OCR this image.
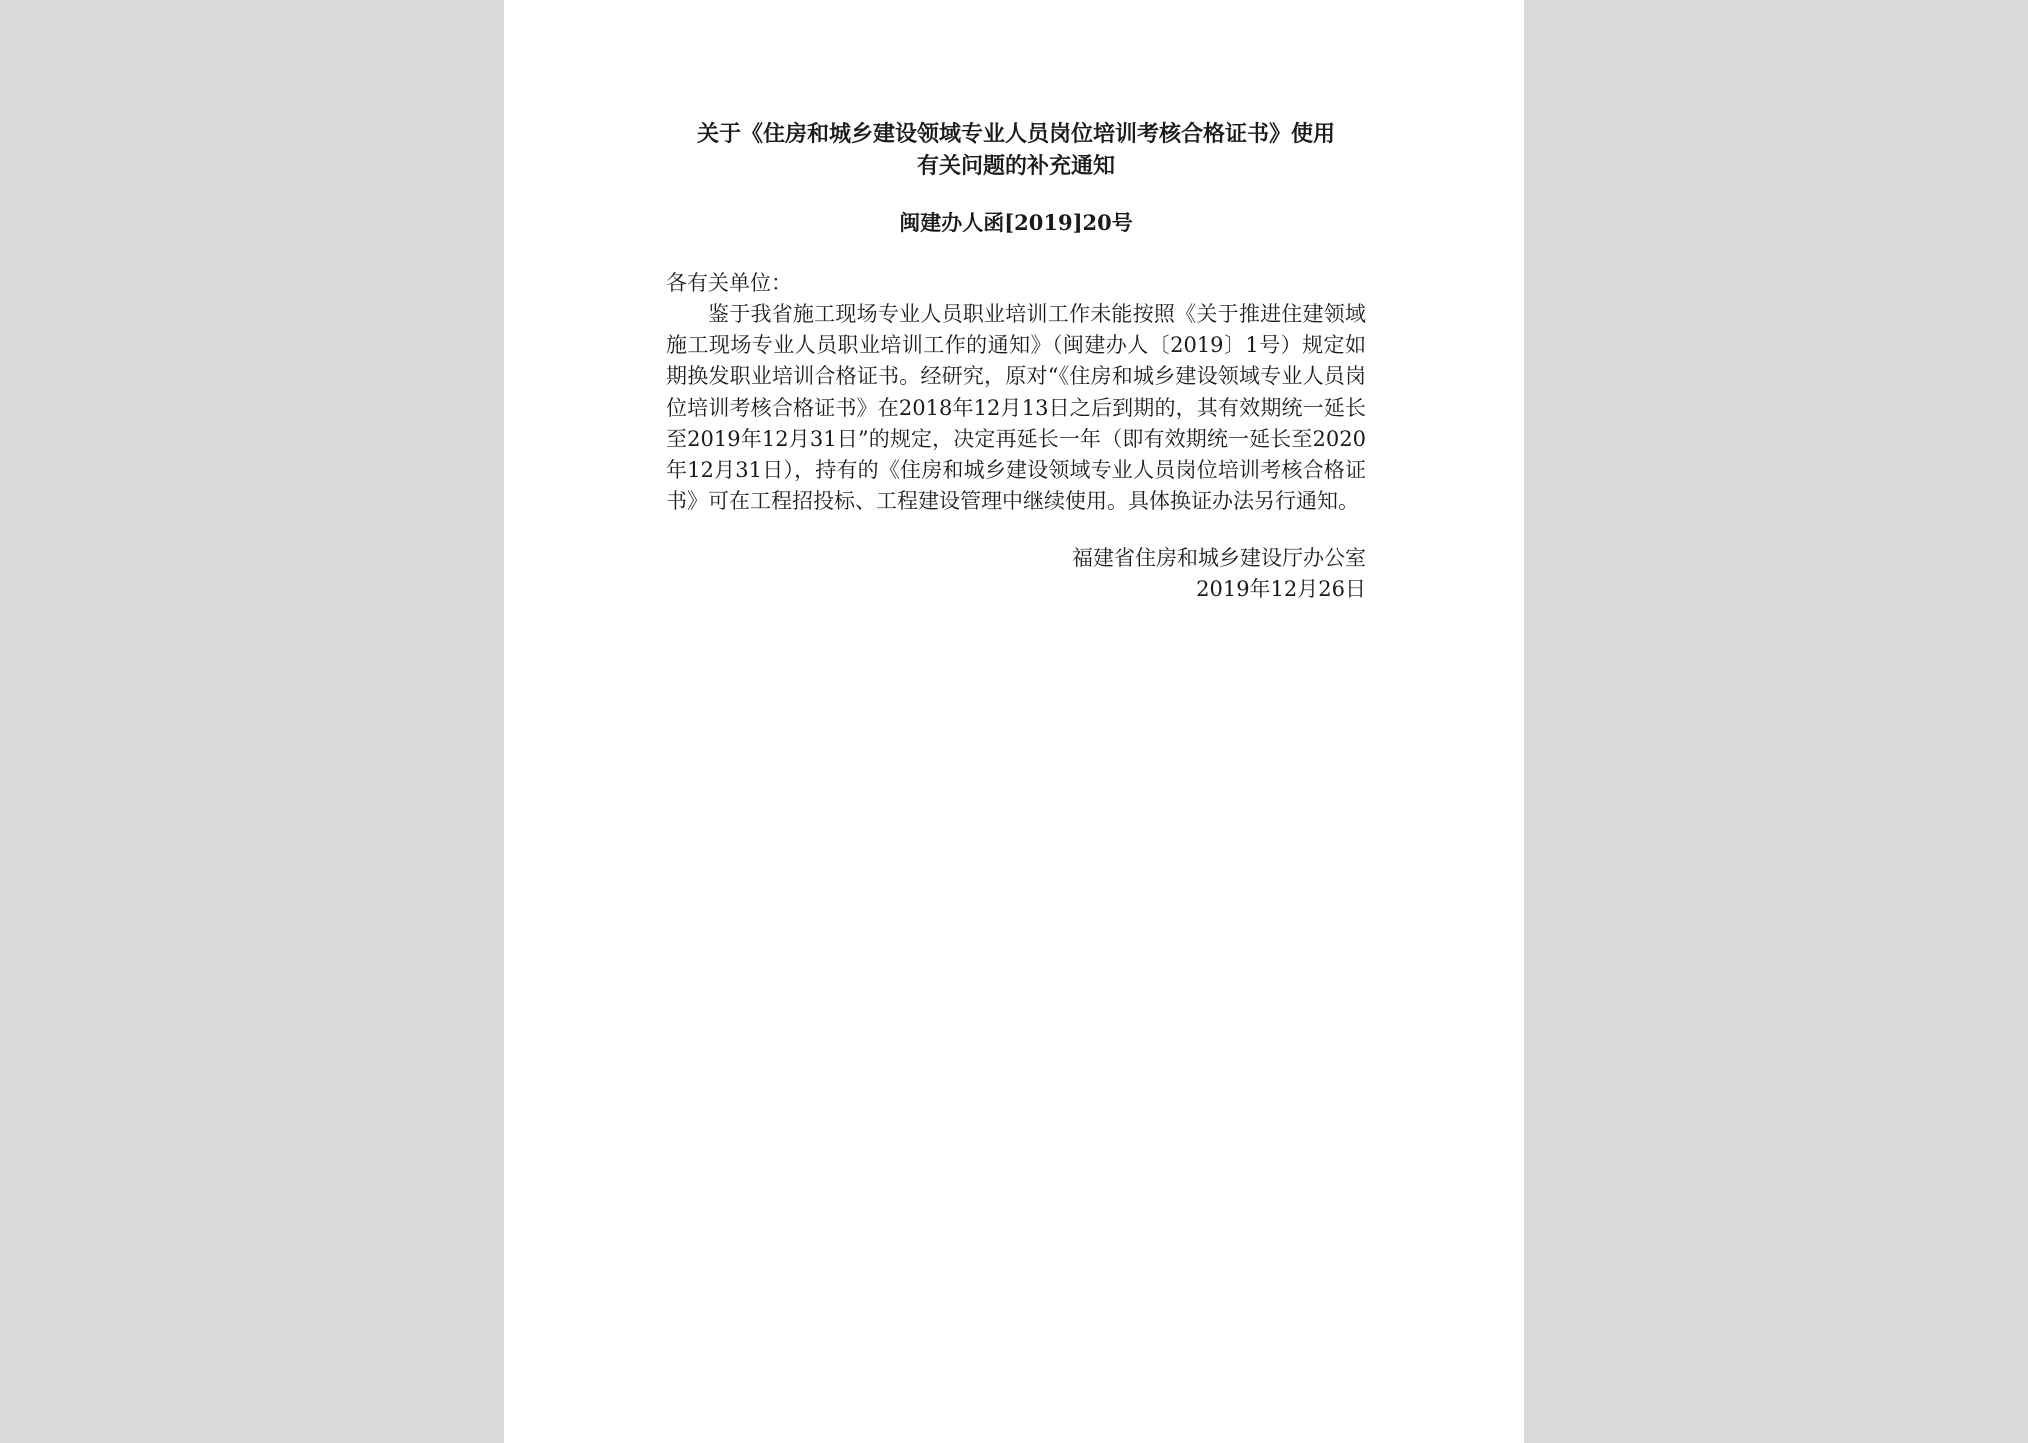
关于《住房和城乡建设领域专业人员岗位培训考核合格证书》使用
有关问题的补充通知
闽建办人函[2019]20号
各有关单位：

鉴于我省施工现场专业人员职业培训工作未能按照《关于推进住建领域施工现场专业人员职业培训工作的通知》（闽建办人〔2019〕1号）规定如期换发职业培训合格证书。经研究，原对“《住房和城乡建设领域专业人员岗位培训考核合格证书》在2018年12月13日之后到期的，其有效期统一延长至2019年12月31日”的规定，决定再延长一年（即有效期统一延长至2020年12月31日），持有的《住房和城乡建设领域专业人员岗位培训考核合格证书》可在工程招投标、工程建设管理中继续使用。具体换证办法另行通知。

福建省住房和城乡建设厅办公室
2019年12月26日
